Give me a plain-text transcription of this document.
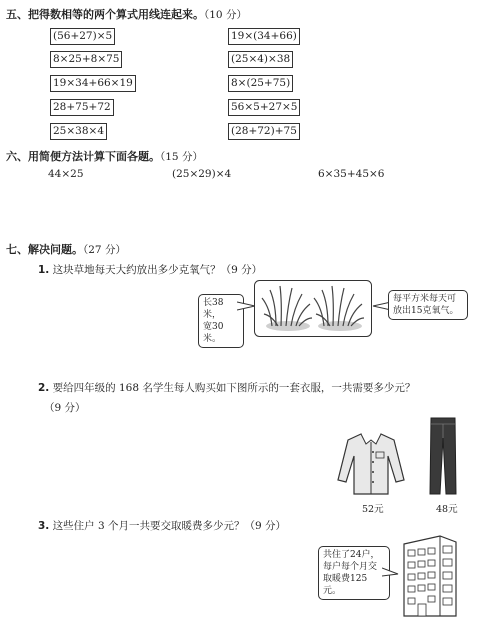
五、把得数相等的两个算式用线连起来。（10 分）
(56+27)×5
8×25+8×75
19×34+66×19
28+75+72
25×38×4
19×(34+66)
(25×4)×38
8×(25+75)
56×5+27×5
(28+72)+75
六、用简便方法计算下面各题。（15 分）
44×25	(25×29)×4	6×35+45×6
七、解决问题。（27 分）
1. 这块草地每天大约放出多少克氧气？（9 分）
长38米，
宽30米。
每平方米每天可
放出15克氧气。
2. 要给四年级的 168 名学生每人购买如下图所示的一套衣服，一共需要多少元？
（9 分）
52元	48元
3. 这些住户 3 个月一共要交取暖费多少元？（9 分）
共住了24户，
每户每个月交
取暖费125元。
